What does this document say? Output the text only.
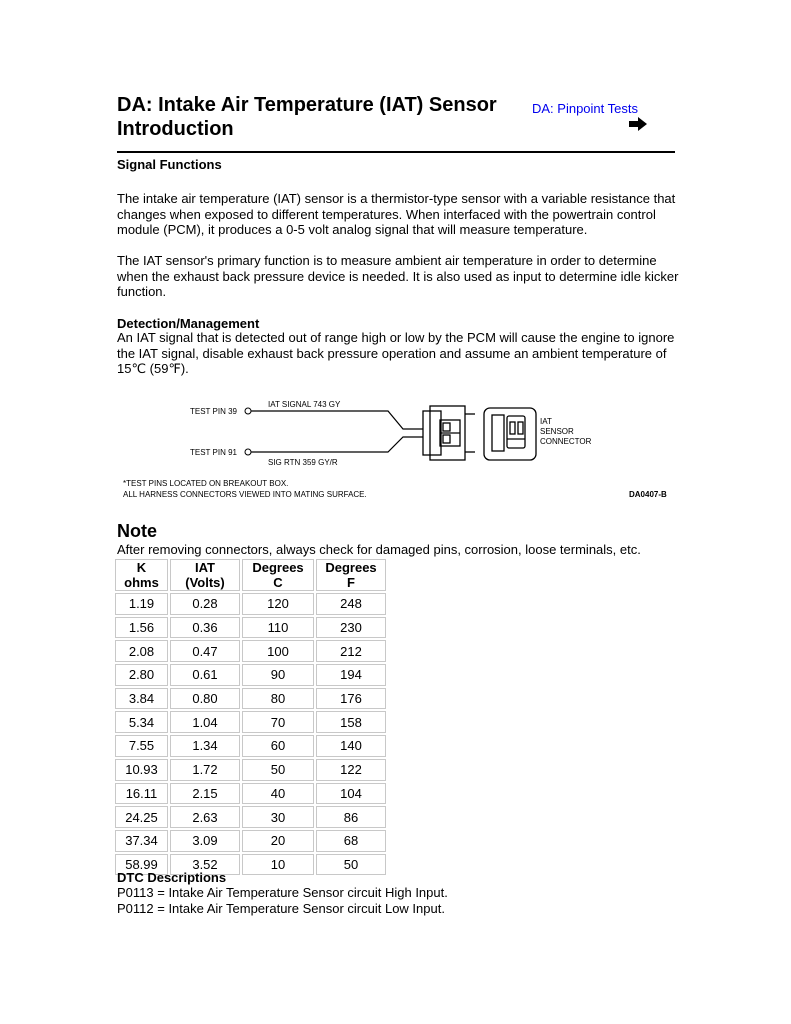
DA: Intake Air Temperature (IAT) Sensor
Introduction
DA: Pinpoint Tests
Signal Functions

The intake air temperature (IAT) sensor is a thermistor-type sensor with a variable resistance that changes when exposed to different temperatures. When interfaced with the powertrain control module (PCM), it produces a 0-5 volt analog signal that will measure temperature.

The IAT sensor's primary function is to measure ambient air temperature in order to determine when the exhaust back pressure device is needed. It is also used as input to determine idle kicker function.

Detection/Management

An IAT signal that is detected out of range high or low by the PCM will cause the engine to ignore the IAT signal, disable exhaust back pressure operation and assume an ambient temperature of 15℃ (59℉).

TEST PIN 39
IAT SIGNAL 743 GY
TEST PIN 91
SIG RTN 359 GY/R
IAT
SENSOR
CONNECTOR
*TEST PINS LOCATED ON BREAKOUT BOX.
ALL HARNESS CONNECTORS VIEWED INTO MATING SURFACE.	DA0407-B
Note

After removing connectors, always check for damaged pins, corrosion, loose terminals, etc.

K ohms	IAT (Volts)	Degrees C	Degrees F
1.19	0.28	120	248
1.56	0.36	110	230
2.08	0.47	100	212
2.80	0.61	90	194
3.84	0.80	80	176
5.34	1.04	70	158
7.55	1.34	60	140
10.93	1.72	50	122
16.11	2.15	40	104
24.25	2.63	30	86
37.34	3.09	20	68
58.99	3.52	10	50
DTC Descriptions

P0113 = Intake Air Temperature Sensor circuit High Input.

P0112 = Intake Air Temperature Sensor circuit Low Input.
